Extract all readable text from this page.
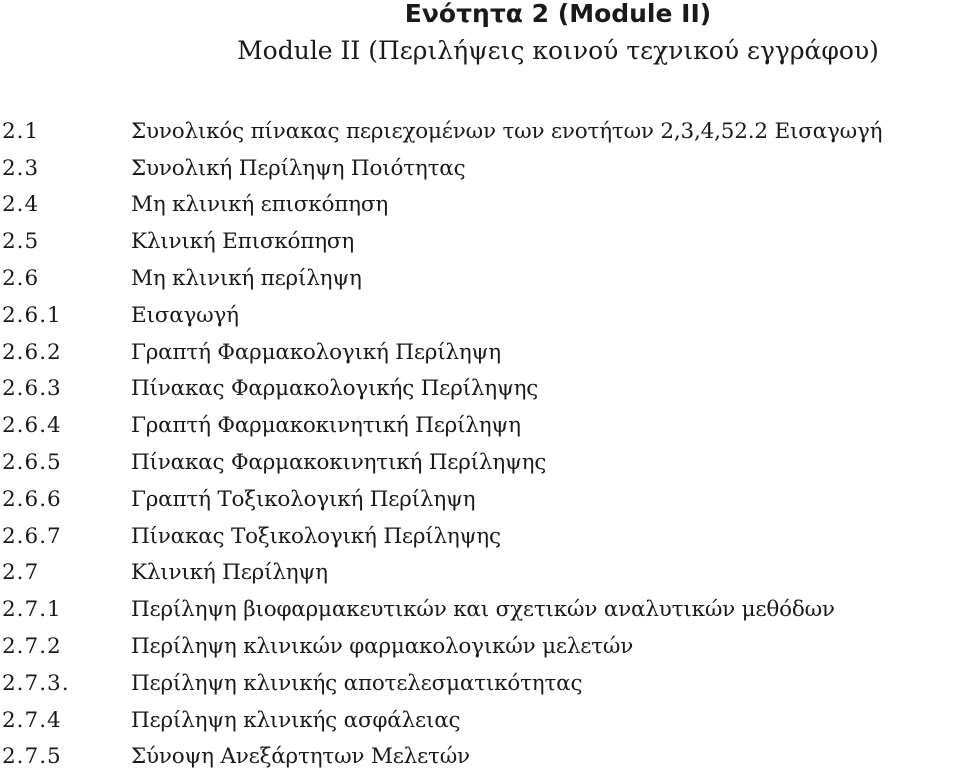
Ενότητα 2 (Module II)
Module II (Περιλήψεις κοινού τεχνικού εγγράφου)
2.1	Συνολικός πίνακας περιεχομένων των ενοτήτων 2,3,4,52.2 Εισαγωγή
2.3	Συνολική Περίληψη Ποιότητας
2.4	Μη κλινική επισκόπηση
2.5	Κλινική Επισκόπηση
2.6	Μη κλινική περίληψη
2.6.1	Εισαγωγή
2.6.2	Γραπτή Φαρμακολογική Περίληψη
2.6.3	Πίνακας Φαρμακολογικής Περίληψης
2.6.4	Γραπτή Φαρμακοκινητική Περίληψη
2.6.5	Πίνακας Φαρμακοκινητική Περίληψης
2.6.6	Γραπτή Τοξικολογική Περίληψη
2.6.7	Πίνακας Τοξικολογική Περίληψης
2.7	Κλινική Περίληψη
2.7.1	Περίληψη βιοφαρμακευτικών και σχετικών αναλυτικών μεθόδων
2.7.2	Περίληψη κλινικών φαρμακολογικών μελετών
2.7.3.	Περίληψη κλινικής αποτελεσματικότητας
2.7.4	Περίληψη κλινικής ασφάλειας
2.7.5	Σύνοψη Ανεξάρτητων Μελετών
